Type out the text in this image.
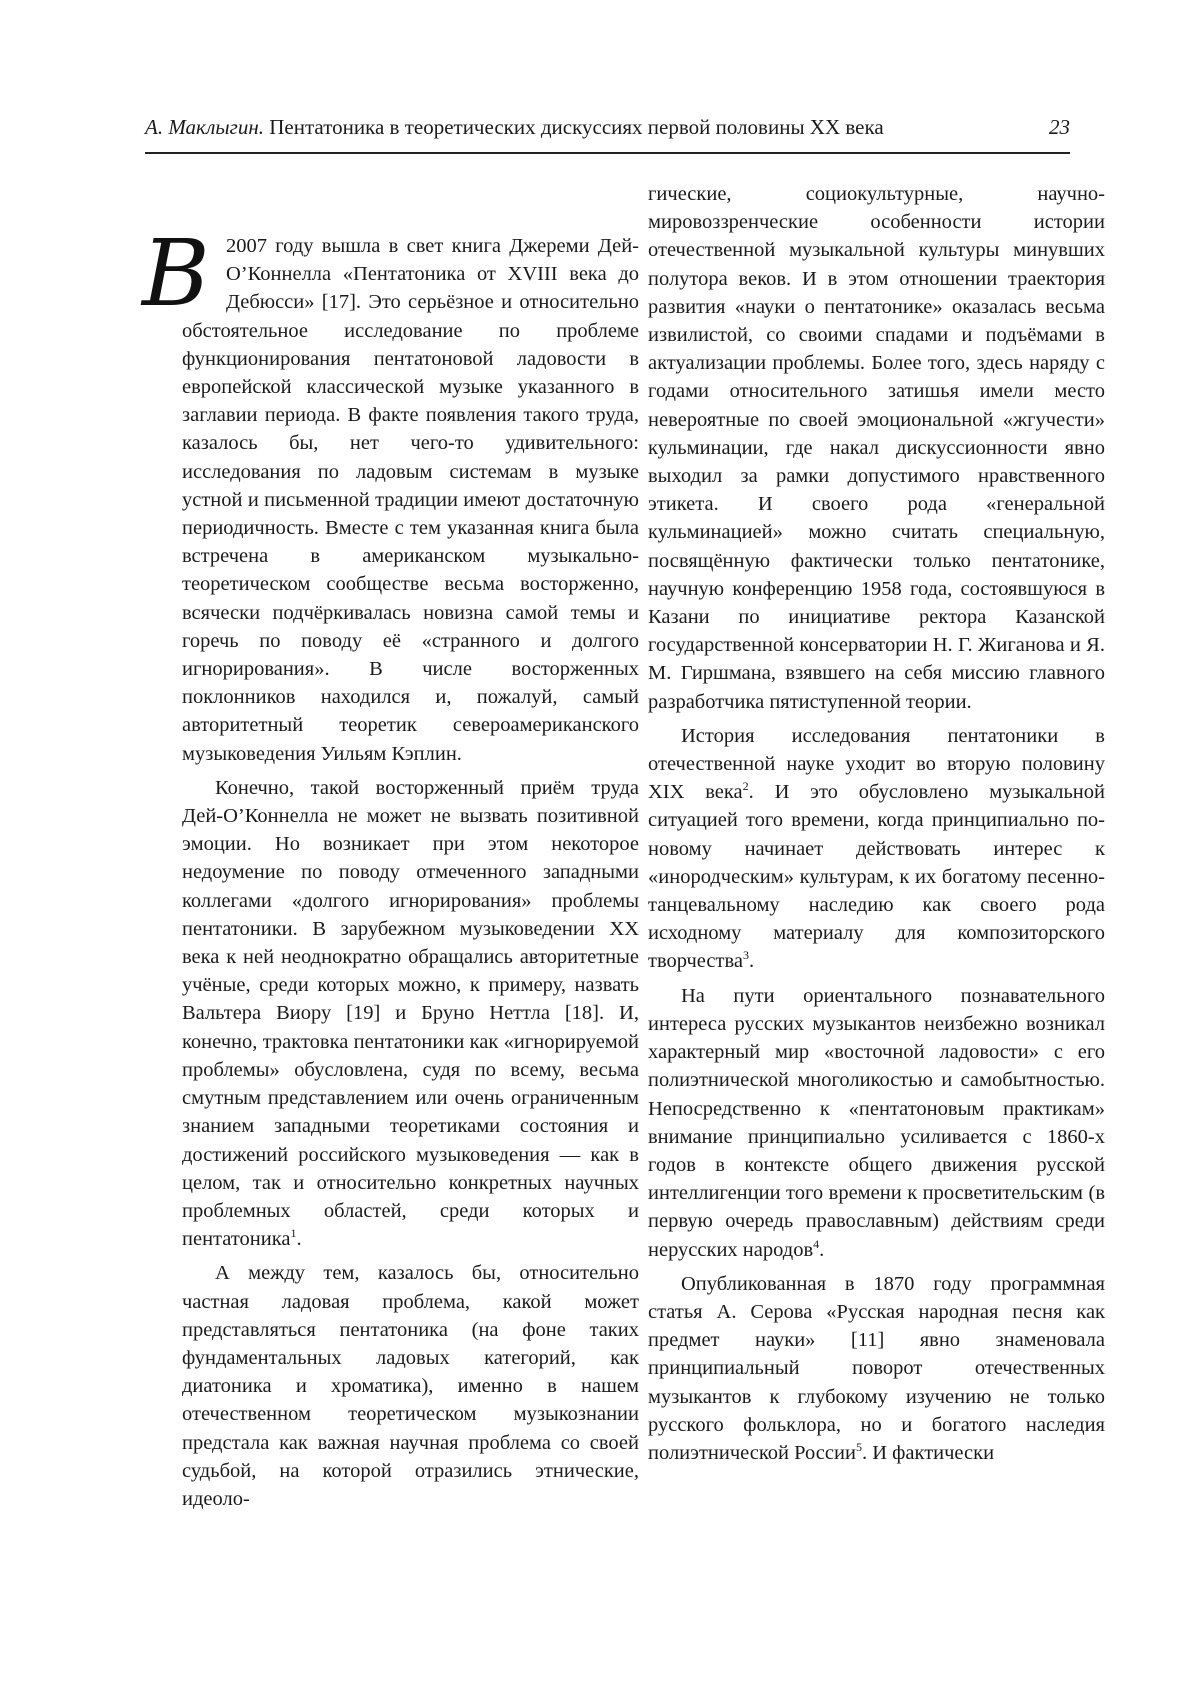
А. Маклыгин. Пентатоника в теоретических дискуссиях первой половины XX века	23

В 2007 году вышла в свет книга Джереми Дей-О’Коннелла «Пентатоника от XVIII века до Дебюсси» [17]. Это серьёзное и относительно обстоятельное исследование по проблеме функционирования пентатоновой ладовости в европейской классической музыке указанного в заглавии периода. В факте появления такого труда, казалось бы, нет чего-то удивительного: исследования по ладовым системам в музыке устной и письменной традиции имеют достаточную периодичность. Вместе с тем указанная книга была встречена в американском музыкально-теоретическом сообществе весьма восторженно, всячески подчёркивалась новизна самой темы и горечь по поводу её «странного и долгого игнорирования». В числе восторженных поклонников находился и, пожалуй, самый авторитетный теоретик североамериканского музыковедения Уильям Кэплин.

Конечно, такой восторженный приём труда Дей-О’Коннелла не может не вызвать позитивной эмоции. Но возникает при этом некоторое недоумение по поводу отмеченного западными коллегами «долгого игнорирования» проблемы пентатоники. В зарубежном музыковедении XX века к ней неоднократно обращались авторитетные учёные, среди которых можно, к примеру, назвать Вальтера Виору [19] и Бруно Неттла [18]. И, конечно, трактовка пентатоники как «игнорируемой проблемы» обусловлена, судя по всему, весьма смутным представлением или очень ограниченным знанием западными теоретиками состояния и достижений российского музыковедения — как в целом, так и относительно конкретных научных проблемных областей, среди которых и пентатоника$^1$.

А между тем, казалось бы, относительно частная ладовая проблема, какой может представляться пентатоника (на фоне таких фундаментальных ладовых категорий, как диатоника и хроматика), именно в нашем отечественном теоретическом музыкознании предстала как важная научная проблема со своей судьбой, на которой отразились этнические, идеоло-

гические, социокультурные, научно-мировоззренческие особенности истории отечественной музыкальной культуры минувших полутора веков. И в этом отношении траектория развития «науки о пентатонике» оказалась весьма извилистой, со своими спадами и подъёмами в актуализации проблемы. Более того, здесь наряду с годами относительного затишья имели место невероятные по своей эмоциональной «жгучести» кульминации, где накал дискуссионности явно выходил за рамки допустимого нравственного этикета. И своего рода «генеральной кульминацией» можно считать специальную, посвящённую фактически только пентатонике, научную конференцию 1958 года, состоявшуюся в Казани по инициативе ректора Казанской государственной консерватории Н. Г. Жиганова и Я. М. Гиршмана, взявшего на себя миссию главного разработчика пятиступенной теории.

История исследования пентатоники в отечественной науке уходит во вторую половину XIX века$^2$. И это обусловлено музыкальной ситуацией того времени, когда принципиально по-новому начинает действовать интерес к «инородческим» культурам, к их богатому песенно-танцевальному наследию как своего рода исходному материалу для композиторского творчества$^3$.

На пути ориентального познавательного интереса русских музыкантов неизбежно возникал характерный мир «восточной ладовости» с его полиэтнической многоликостью и самобытностью. Непосредственно к «пентатоновым практикам» внимание принципиально усиливается с 1860-х годов в контексте общего движения русской интеллигенции того времени к просветительским (в первую очередь православным) действиям среди нерусских народов$^4$.

Опубликованная в 1870 году программная статья А. Серова «Русская народная песня как предмет науки» [11] явно знаменовала принципиальный поворот отечественных музыкантов к глубокому изучению не только русского фольклора, но и богатого наследия полиэтнической России$^5$. И фактически
